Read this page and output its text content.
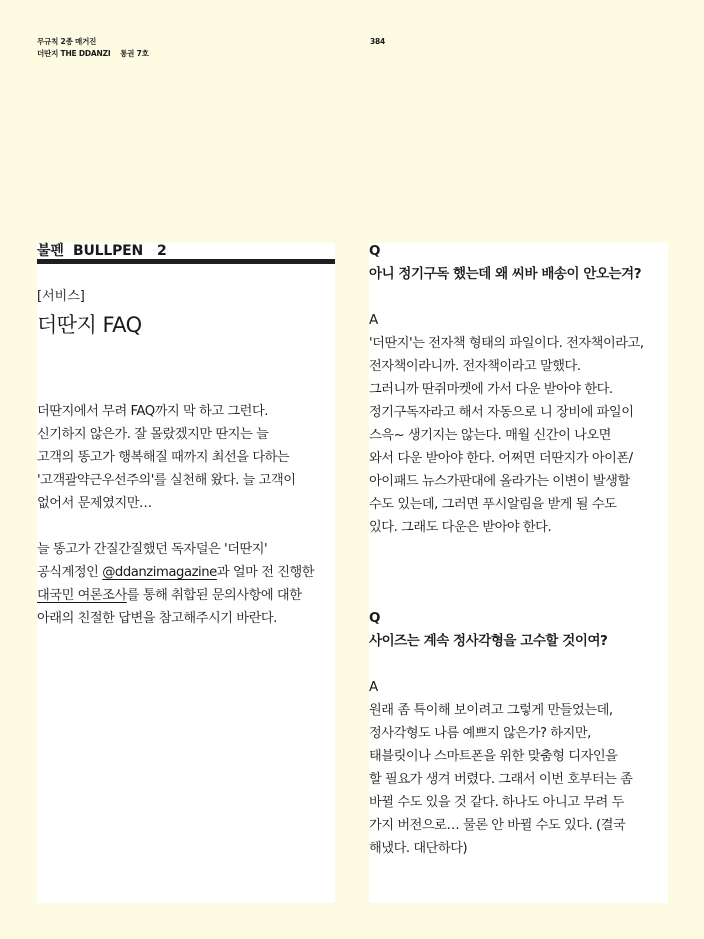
무규칙 2종 매거진
더딴지 THE DDANZI    통권 7호
384
불펜  BULLPEN 2
[서비스]
더딴지 FAQ
더딴지에서 무려 FAQ까지 막 하고 그런다.
신기하지 않은가. 잘 몰랐겠지만 딴지는 늘
고객의 똥고가 행복해질 때까지 최선을 다하는
'고객괄약근우선주의'를 실천해 왔다. 늘 고객이
없어서 문제였지만…
늘 똥고가 간질간질했던 독자덜은 '더딴지'
공식계정인 @ddanzimagazine과 얼마 전 진행한
대국민 여론조사를 통해 취합된 문의사항에 대한
아래의 친절한 답변을 참고해주시기 바란다.
Q
아니 정기구독 했는데 왜 씨바 배송이 안오는겨?
A
'더딴지'는 전자책 형태의 파일이다. 전자책이라고,
전자책이라니까. 전자책이라고 말했다.
그러니까 딴쥐마켓에 가서 다운 받아야 한다.
정기구독자라고 해서 자동으로 니 장비에 파일이
스윽~ 생기지는 않는다. 매월 신간이 나오면
와서 다운 받아야 한다. 어쩌면 더딴지가 아이폰/
아이패드 뉴스가판대에 올라가는 이변이 발생할
수도 있는데, 그러면 푸시알림을 받게 될 수도
있다. 그래도 다운은 받아야 한다.
Q
사이즈는 계속 정사각형을 고수할 것이여?
A
원래 좀 특이해 보이려고 그렇게 만들었는데,
정사각형도 나름 예쁘지 않은가? 하지만,
태블릿이나 스마트폰을 위한 맞춤형 디자인을
할 필요가 생겨 버렸다. 그래서 이번 호부터는 좀
바뀔 수도 있을 것 같다. 하나도 아니고 무려 두
가지 버전으로… 물론 안 바뀔 수도 있다. (결국
해냈다. 대단하다)
